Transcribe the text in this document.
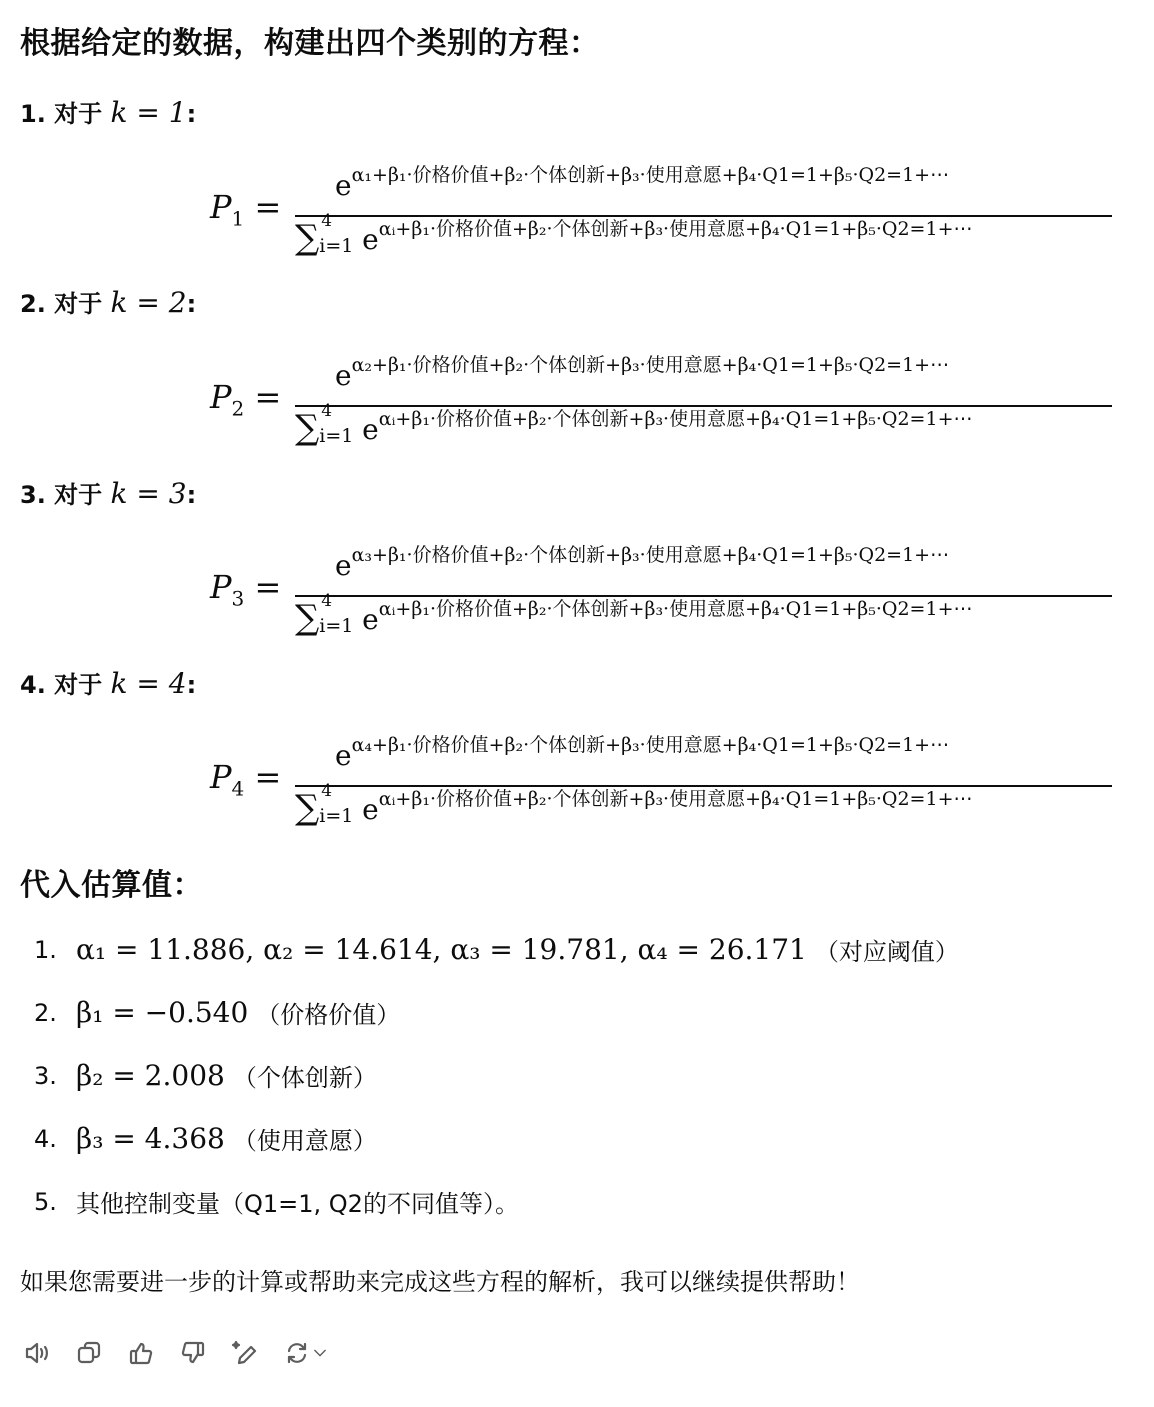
根据给定的数据，构建出四个类别的方程：
1. 对于 k = 1:
$P_1$ =
$e^{\alpha_1+\beta_1\cdot 价格价值+\beta_2\cdot 个体创新+\beta_3\cdot 使用意愿+\beta_4\cdot Q1=1+\beta_5\cdot Q2=1+\cdots}$
∑ 4
i=1 $e^{\alpha ᵢ+\beta_1\cdot 价格价值+\beta_2\cdot 个体创新+\beta_3\cdot 使用意愿+\beta_4\cdot Q1=1+\beta_5\cdot Q2=1+\cdots}$
2. 对于 k = 2:
$P_2$ =
$e^{\alpha_2+\beta_1\cdot 价格价值+\beta_2\cdot 个体创新+\beta_3\cdot 使用意愿+\beta_4\cdot Q1=1+\beta_5\cdot Q2=1+\cdots}$
∑ 4
i=1 $e^{\alpha ᵢ+\beta_1\cdot 价格价值+\beta_2\cdot 个体创新+\beta_3\cdot 使用意愿+\beta_4\cdot Q1=1+\beta_5\cdot Q2=1+\cdots}$
3. 对于 k = 3:
$P_3$ =
$e^{\alpha_3+\beta_1\cdot 价格价值+\beta_2\cdot 个体创新+\beta_3\cdot 使用意愿+\beta_4\cdot Q1=1+\beta_5\cdot Q2=1+\cdots}$
∑ 4
i=1 $e^{\alpha ᵢ+\beta_1\cdot 价格价值+\beta_2\cdot 个体创新+\beta_3\cdot 使用意愿+\beta_4\cdot Q1=1+\beta_5\cdot Q2=1+\cdots}$
4. 对于 k = 4:
$P_4$ =
$e^{\alpha_4+\beta_1\cdot 价格价值+\beta_2\cdot 个体创新+\beta_3\cdot 使用意愿+\beta_4\cdot Q1=1+\beta_5\cdot Q2=1+\cdots}$
∑ 4
i=1 $e^{\alpha ᵢ+\beta_1\cdot 价格价值+\beta_2\cdot 个体创新+\beta_3\cdot 使用意愿+\beta_4\cdot Q1=1+\beta_5\cdot Q2=1+\cdots}$
代入估算值：
1. α₁ = 11.886, α₂ = 14.614, α₃ = 19.781, α₄ = 26.171 （对应阈值）
2. β₁ = −0.540 （价格价值）
3. β₂ = 2.008 （个体创新）
4. β₃ = 4.368 （使用意愿）
5. 其他控制变量（Q1=1, Q2的不同值等）。
如果您需要进一步的计算或帮助来完成这些方程的解析，我可以继续提供帮助！
